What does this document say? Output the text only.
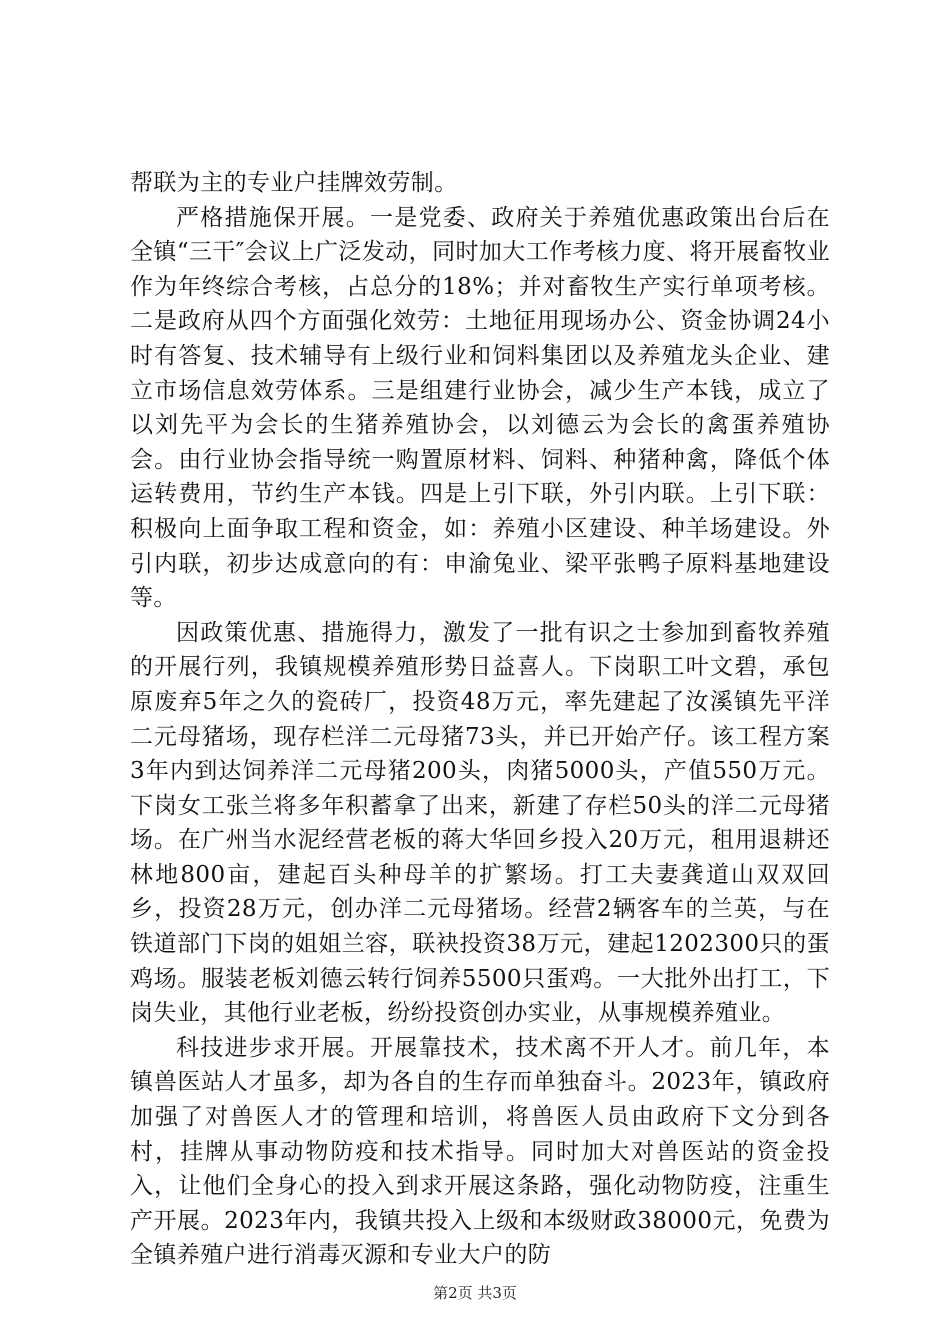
帮联为主的专业户挂牌效劳制。

严格措施保开展。一是党委、政府关于养殖优惠政策出台后在全镇“三干″会议上广泛发动，同时加大工作考核力度、将开展畜牧业作为年终综合考核，占总分的18%；并对畜牧生产实行单项考核。二是政府从四个方面强化效劳：土地征用现场办公、资金协调24小时有答复、技术辅导有上级行业和饲料集团以及养殖龙头企业、建立市场信息效劳体系。三是组建行业协会，减少生产本钱，成立了以刘先平为会长的生猪养殖协会，以刘德云为会长的禽蛋养殖协会。由行业协会指导统一购置原材料、饲料、种猪种禽，降低个体运转费用，节约生产本钱。四是上引下联，外引内联。上引下联：积极向上面争取工程和资金，如：养殖小区建设、种羊场建设。外引内联，初步达成意向的有：申渝兔业、梁平张鸭子原料基地建设等。

因政策优惠、措施得力，激发了一批有识之士参加到畜牧养殖的开展行列，我镇规模养殖形势日益喜人。下岗职工叶文碧，承包原废弃5年之久的瓷砖厂，投资48万元，率先建起了汝溪镇先平洋二元母猪场，现存栏洋二元母猪73头，并已开始产仔。该工程方案3年内到达饲养洋二元母猪200头，肉猪5000头，产值550万元。下岗女工张兰将多年积蓄拿了出来，新建了存栏50头的洋二元母猪场。在广州当水泥经营老板的蒋大华回乡投入20万元，租用退耕还林地800亩，建起百头种母羊的扩繁场。打工夫妻龚道山双双回乡，投资28万元，创办洋二元母猪场。经营2辆客车的兰英，与在铁道部门下岗的姐姐兰容，联袂投资38万元，建起1202300只的蛋鸡场。服装老板刘德云转行饲养5500只蛋鸡。一大批外出打工，下岗失业，其他行业老板，纷纷投资创办实业，从事规模养殖业。

科技进步求开展。开展靠技术，技术离不开人才。前几年，本镇兽医站人才虽多，却为各自的生存而单独奋斗。2023年，镇政府加强了对兽医人才的管理和培训，将兽医人员由政府下文分到各村，挂牌从事动物防疫和技术指导。同时加大对兽医站的资金投入，让他们全身心的投入到求开展这条路，强化动物防疫，注重生产开展。2023年内，我镇共投入上级和本级财政38000元，免费为全镇养殖户进行消毒灭源和专业大户的防

第2页 共3页
